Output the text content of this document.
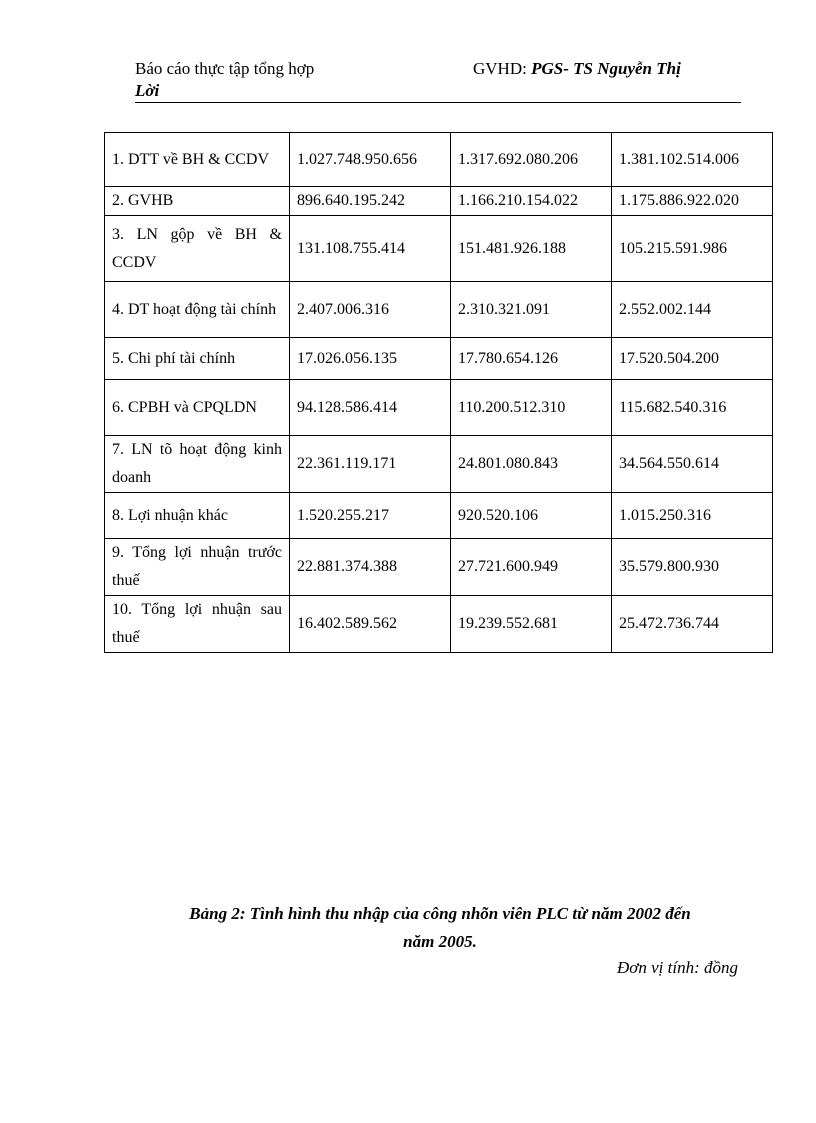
Báo cáo thực tập tổng hợp	GVHD: PGS- TS Nguyễn Thị
Lời
1. DTT về BH & CCDV	1.027.748.950.656	1.317.692.080.206	1.381.102.514.006
2. GVHB	896.640.195.242	1.166.210.154.022	1.175.886.922.020
3. LN gộp về BH & CCDV	131.108.755.414	151.481.926.188	105.215.591.986
4. DT hoạt động tài chính	2.407.006.316	2.310.321.091	2.552.002.144
5. Chi phí tài chính	17.026.056.135	17.780.654.126	17.520.504.200
6. CPBH và CPQLDN	94.128.586.414	110.200.512.310	115.682.540.316
7. LN tõ hoạt động kinh doanh	22.361.119.171	24.801.080.843	34.564.550.614
8. Lợi nhuận khác	1.520.255.217	920.520.106	1.015.250.316
9. Tổng lợi nhuận trước thuế	22.881.374.388	27.721.600.949	35.579.800.930
10. Tổng lợi nhuận sau thuế	16.402.589.562	19.239.552.681	25.472.736.744
Bảng 2: Tình hình thu nhập của công nhõn viên PLC từ năm 2002 đến
năm 2005.
Đơn vị tính: đồng
